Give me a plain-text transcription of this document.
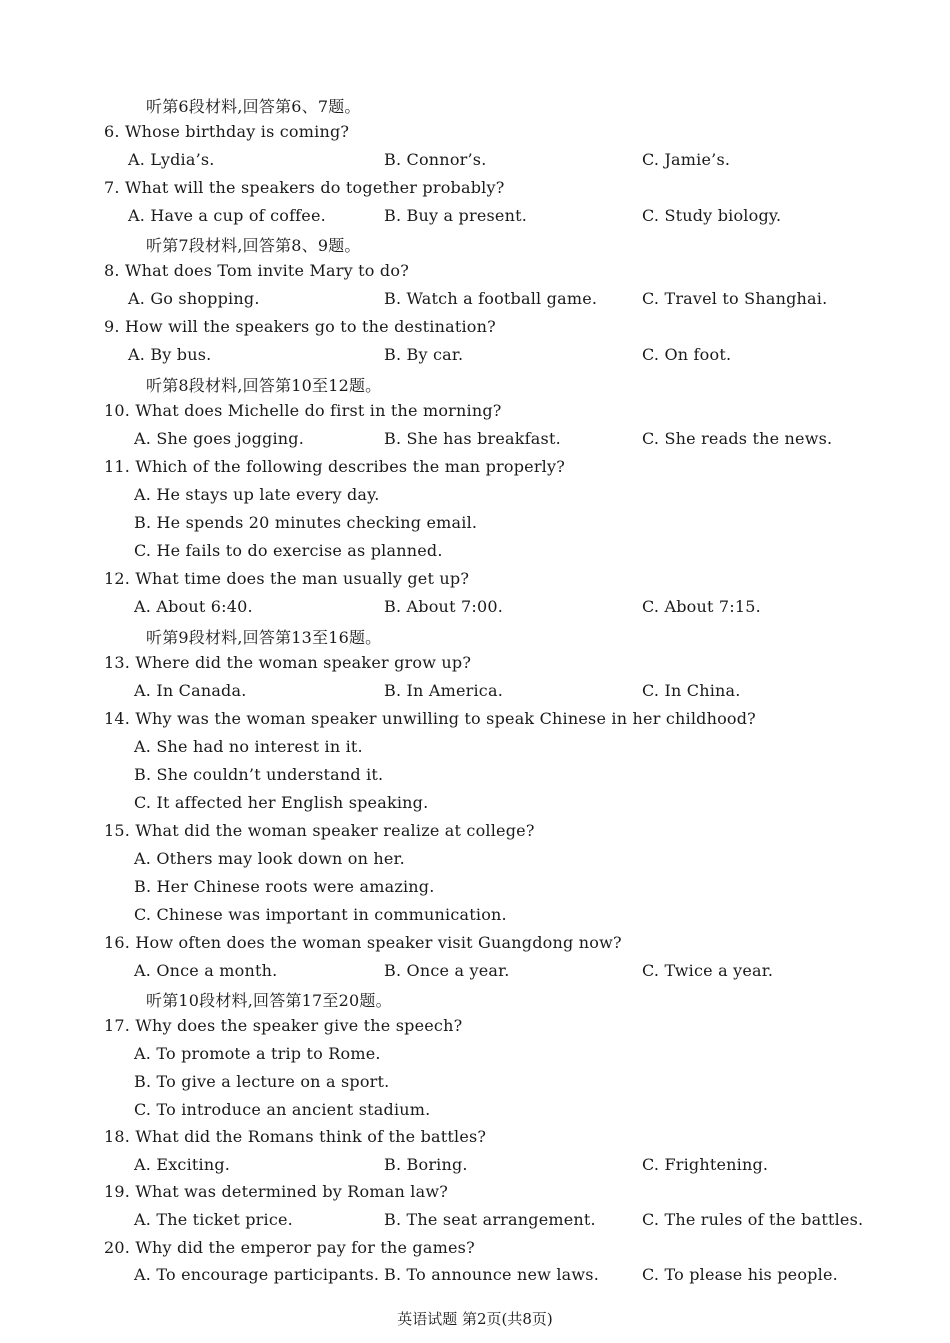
听第6段材料,回答第6、7题。
6. Whose birthday is coming?
A. Lydia’s.	B. Connor’s.	C. Jamie’s.
7. What will the speakers do together probably?
A. Have a cup of coffee.	B. Buy a present.	C. Study biology.
听第7段材料,回答第8、9题。
8. What does Tom invite Mary to do?
A. Go shopping.	B. Watch a football game.	C. Travel to Shanghai.
9. How will the speakers go to the destination?
A. By bus.	B. By car.	C. On foot.
听第8段材料,回答第10至12题。
10. What does Michelle do first in the morning?
A. She goes jogging.	B. She has breakfast.	C. She reads the news.
11. Which of the following describes the man properly?
A. He stays up late every day.
B. He spends 20 minutes checking email.
C. He fails to do exercise as planned.
12. What time does the man usually get up?
A. About 6:40.	B. About 7:00.	C. About 7:15.
听第9段材料,回答第13至16题。
13. Where did the woman speaker grow up?
A. In Canada.	B. In America.	C. In China.
14. Why was the woman speaker unwilling to speak Chinese in her childhood?
A. She had no interest in it.
B. She couldn’t understand it.
C. It affected her English speaking.
15. What did the woman speaker realize at college?
A. Others may look down on her.
B. Her Chinese roots were amazing.
C. Chinese was important in communication.
16. How often does the woman speaker visit Guangdong now?
A. Once a month.	B. Once a year.	C. Twice a year.
听第10段材料,回答第17至20题。
17. Why does the speaker give the speech?
A. To promote a trip to Rome.
B. To give a lecture on a sport.
C. To introduce an ancient stadium.
18. What did the Romans think of the battles?
A. Exciting.	B. Boring.	C. Frightening.
19. What was determined by Roman law?
A. The ticket price.	B. The seat arrangement.	C. The rules of the battles.
20. Why did the emperor pay for the games?
A. To encourage participants. B. To announce new laws.	C. To please his people.
英语试题 第2页(共8页)
